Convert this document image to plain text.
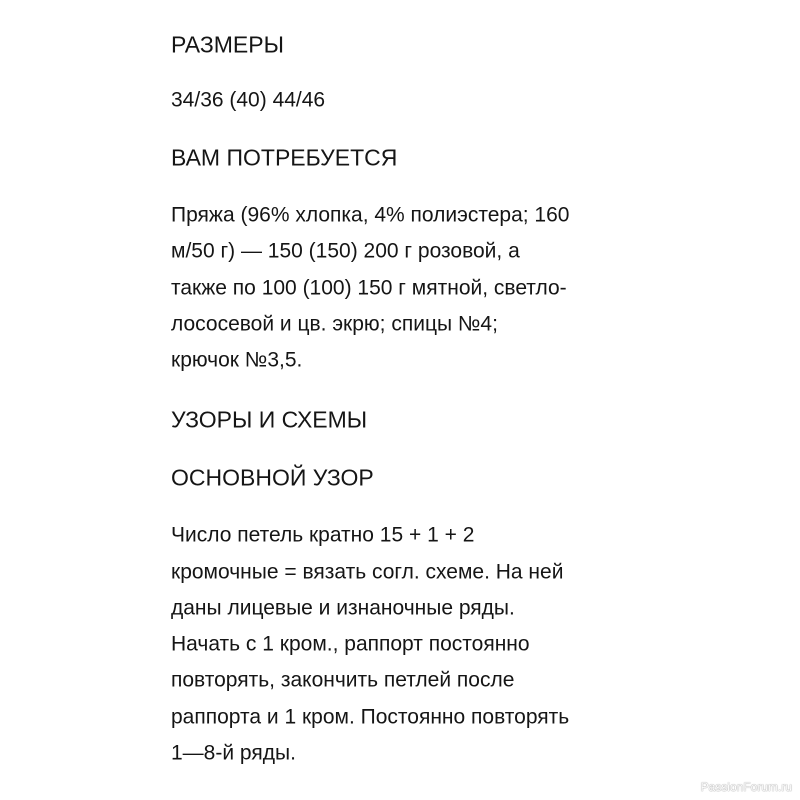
РАЗМЕРЫ
34/36 (40) 44/46
ВАМ ПОТРЕБУЕТСЯ
Пряжа (96% хлопка, 4% полиэстера; 160
м/50 г) — 150 (150) 200 г розовой, а
также по 100 (100) 150 г мятной, светло-
лососевой и цв. экрю; спицы №4;
крючок №3,5.
УЗОРЫ И СХЕМЫ
ОСНОВНОЙ УЗОР
Число петель кратно 15 + 1 + 2
кромочные = вязать согл. схеме. На ней
даны лицевые и изнаночные ряды.
Начать с 1 кром., раппорт постоянно
повторять, закончить петлей после
раппорта и 1 кром. Постоянно повторять
1—8-й ряды.
PassionForum.ru
